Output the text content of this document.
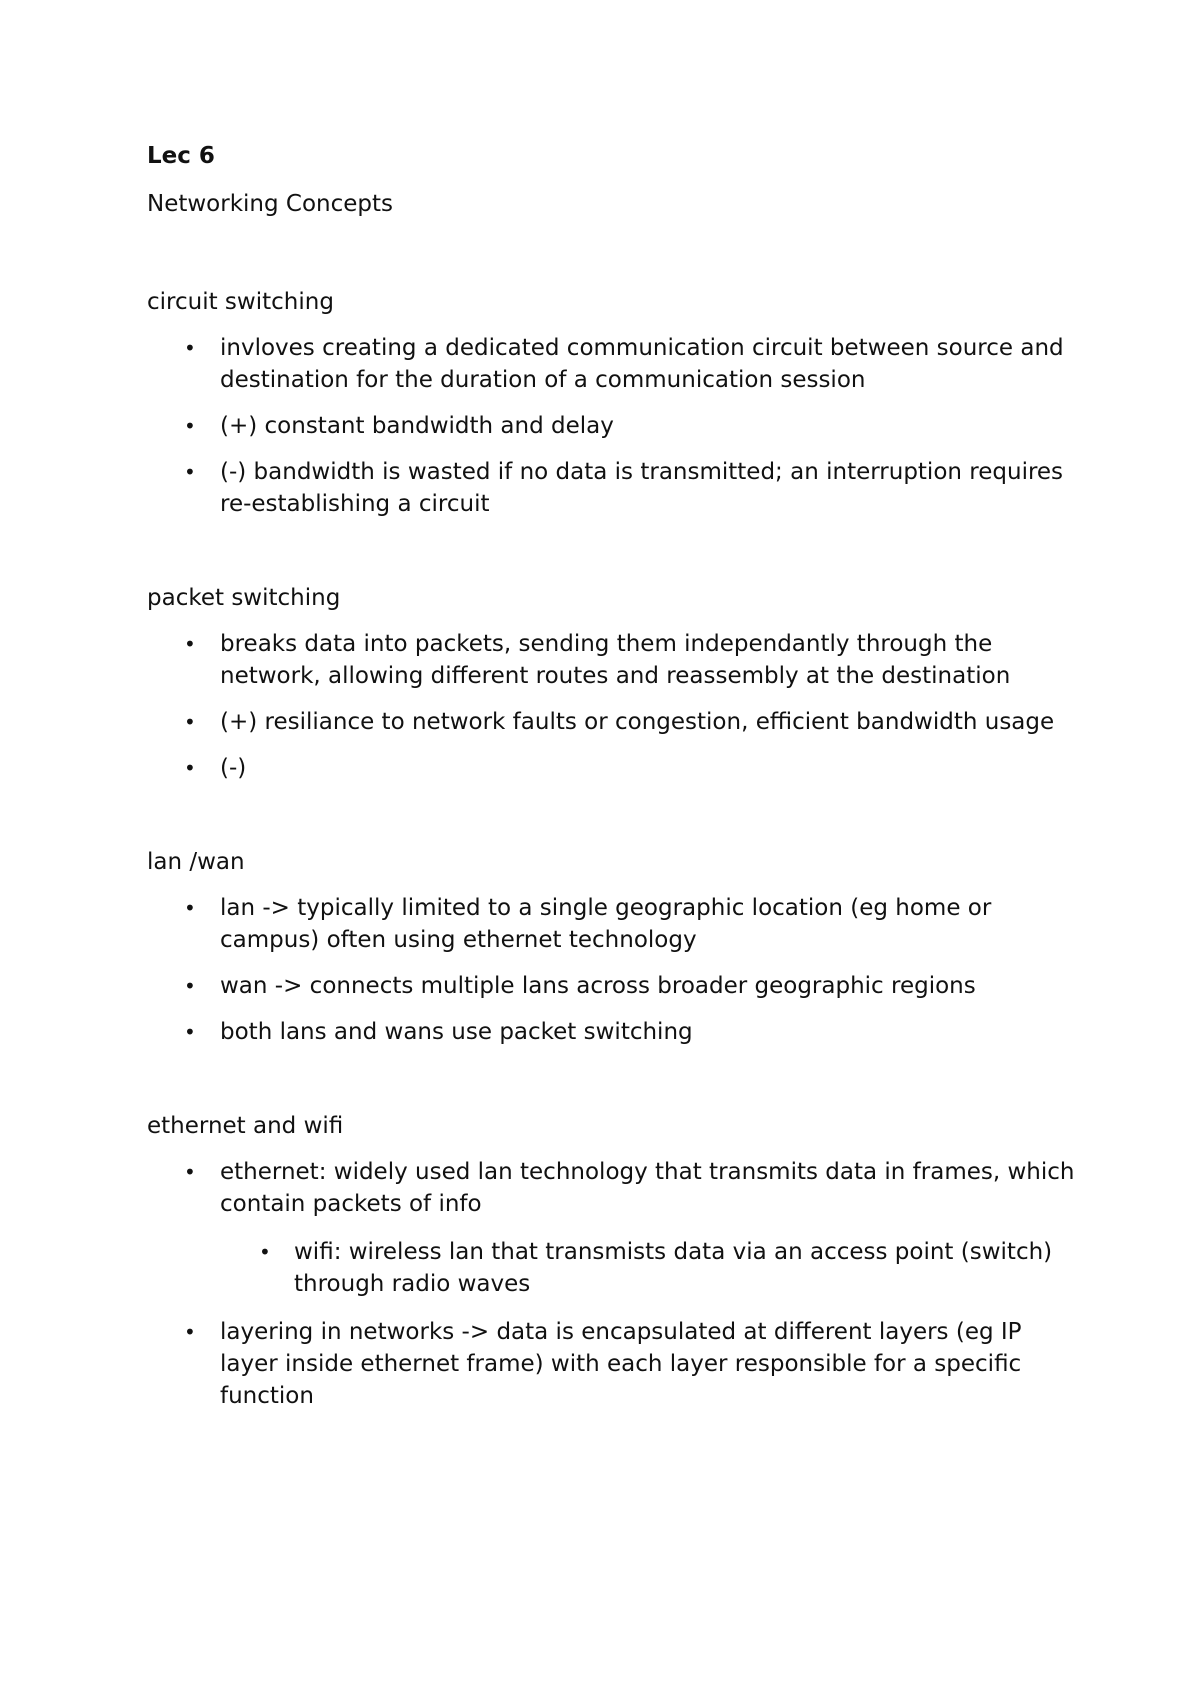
Lec 6

Networking Concepts

circuit switching

• invloves creating a dedicated communication circuit between source and destination for the duration of a communication session
• (+) constant bandwidth and delay
• (-) bandwidth is wasted if no data is transmitted; an interruption requires re-establishing a circuit

packet switching

• breaks data into packets, sending them independantly through the network, allowing different routes and reassembly at the destination
• (+) resiliance to network faults or congestion, efficient bandwidth usage
• (-)

lan /wan

• lan -> typically limited to a single geographic location (eg home or campus) often using ethernet technology
• wan -> connects multiple lans across broader geographic regions
• both lans and wans use packet switching

ethernet and wifi

• ethernet: widely used lan technology that transmits data in frames, which contain packets of info
• wifi: wireless lan that transmists data via an access point (switch) through radio waves
• layering in networks -> data is encapsulated at different layers (eg IP layer inside ethernet frame) with each layer responsible for a specific function
